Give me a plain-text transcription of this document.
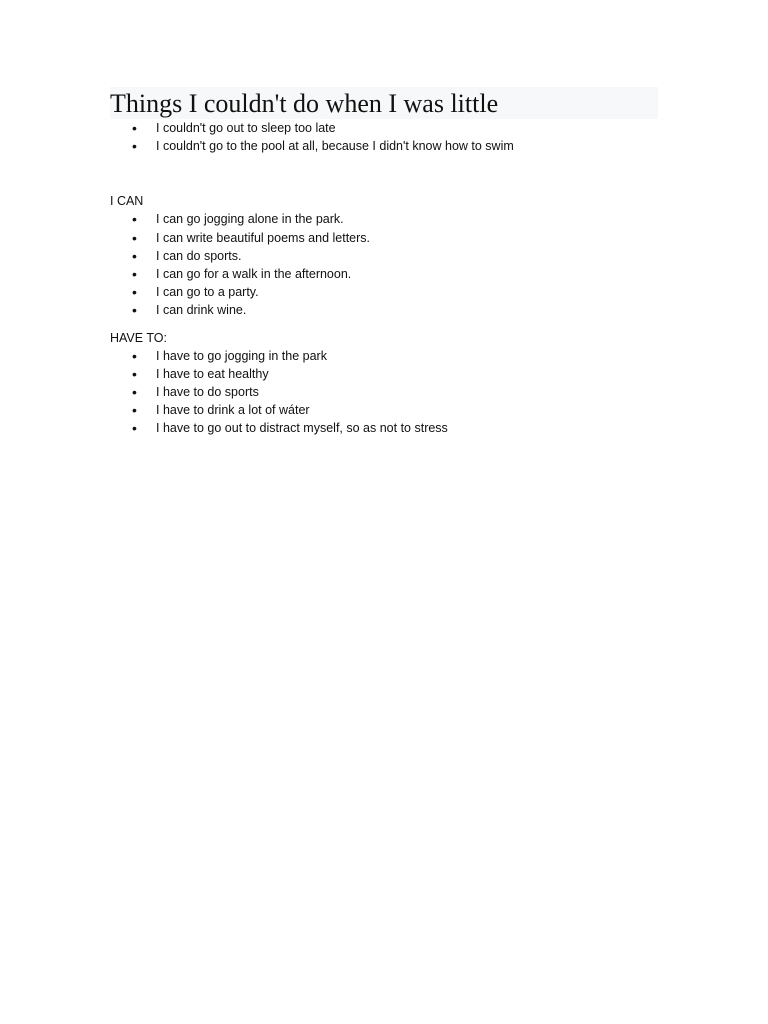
Things I couldn't do when I was little
• I couldn't go out to sleep too late
• I couldn't go to the pool at all, because I didn't know how to swim

I CAN

• I can go jogging alone in the park.
• I can write beautiful poems and letters.
• I can do sports.
• I can go for a walk in the afternoon.
• I can go to a party.
• I can drink wine.

HAVE TO:

• I have to go jogging in the park
• I have to eat healthy
• I have to do sports
• I have to drink a lot of wáter
• I have to go out to distract myself, so as not to stress
